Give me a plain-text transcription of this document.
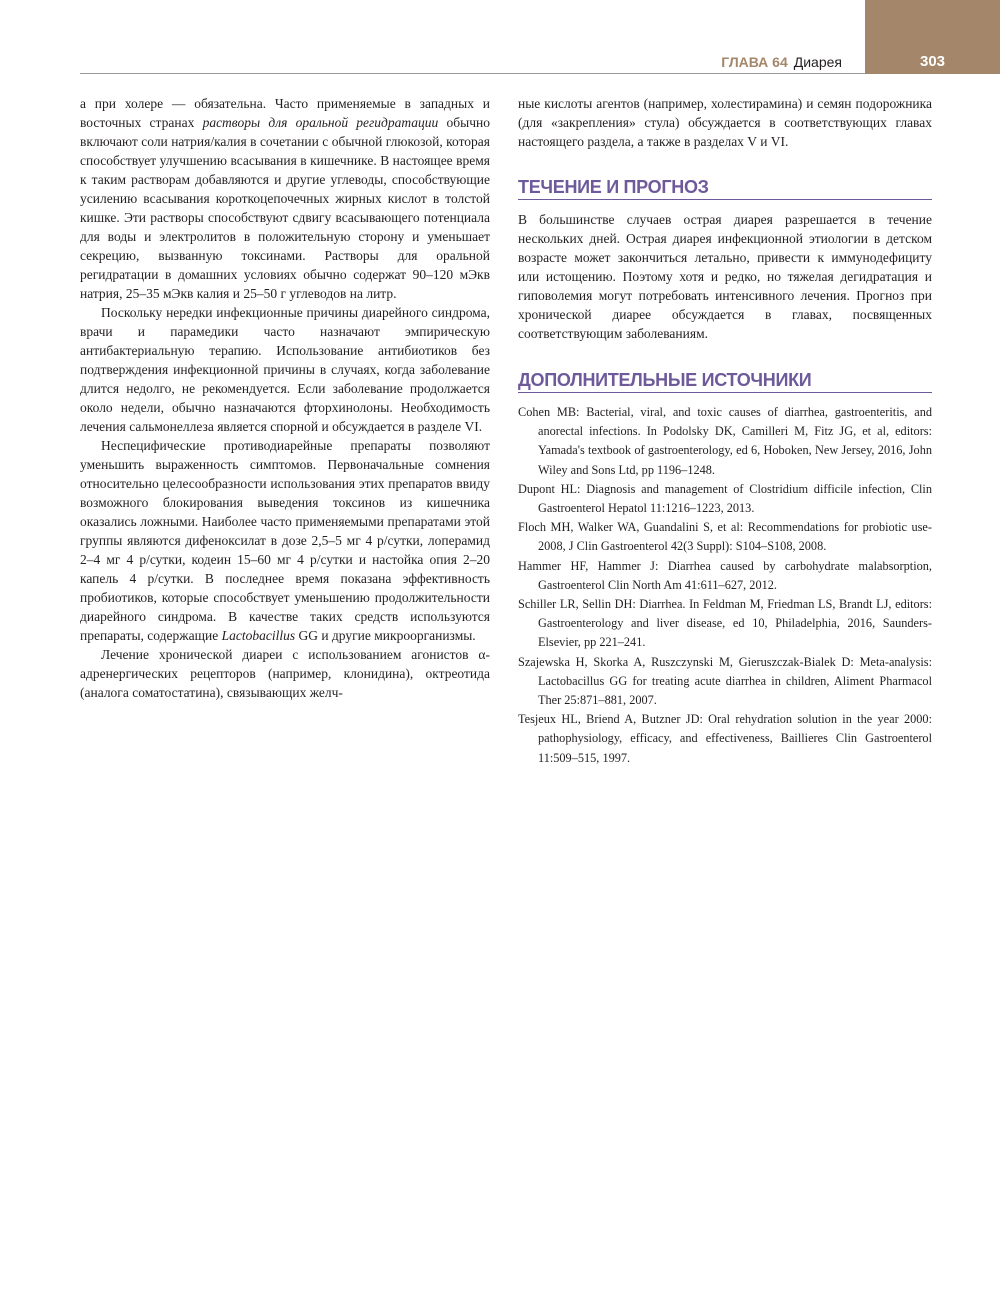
303
ГЛАВА 64 Диарея

а при холере — обязательна. Часто применяемые в западных и восточных странах растворы для оральной регидратации обычно включают соли натрия/калия в сочетании с обычной глюкозой, которая способствует улучшению всасывания в кишечнике. В настоящее время к таким растворам добавляются и другие углеводы, способствующие усилению всасывания короткоцепочечных жирных кислот в толстой кишке. Эти растворы способствуют сдвигу всасывающего потенциала для воды и электролитов в положительную сторону и уменьшает секрецию, вызванную токсинами. Растворы для оральной регидратации в домашних условиях обычно содержат 90–120 мЭкв натрия, 25–35 мЭкв калия и 25–50 г углеводов на литр.

Поскольку нередки инфекционные причины диарейного синдрома, врачи и парамедики часто назначают эмпирическую антибактериальную терапию. Использование антибиотиков без подтверждения инфекционной причины в случаях, когда заболевание длится недолго, не рекомендуется. Если заболевание продолжается около недели, обычно назначаются фторхинолоны. Необходимость лечения сальмонеллеза является спорной и обсуждается в разделе VI.

Неспецифические противодиарейные препараты позволяют уменьшить выраженность симптомов. Первоначальные сомнения относительно целесообразности использования этих препаратов ввиду возможного блокирования выведения токсинов из кишечника оказались ложными. Наиболее часто применяемыми препаратами этой группы являются дифеноксилат в дозе 2,5–5 мг 4 р/сутки, лоперамид 2–4 мг 4 р/сутки, кодеин 15–60 мг 4 р/сутки и настойка опия 2–20 капель 4 р/сутки. В последнее время показана эффективность пробиотиков, которые способствует уменьшению продолжительности диарейного синдрома. В качестве таких средств используются препараты, содержащие Lactobacillus GG и другие микроорганизмы.

Лечение хронической диареи с использованием агонистов α-адренергических рецепторов (например, клонидина), октреотида (аналога соматостатина), связывающих желч-

ные кислоты агентов (например, холестирамина) и семян подорожника (для «закрепления» стула) обсуждается в соответствующих главах настоящего раздела, а также в разделах V и VI.

ТЕЧЕНИЕ И ПРОГНОЗ

В большинстве случаев острая диарея разрешается в течение нескольких дней. Острая диарея инфекционной этиологии в детском возрасте может закончиться летально, привести к иммунодефициту или истощению. Поэтому хотя и редко, но тяжелая дегидратация и гиповолемия могут потребовать интенсивного лечения. Прогноз при хронической диарее обсуждается в главах, посвященных соответствующим заболеваниям.

ДОПОЛНИТЕЛЬНЫЕ ИСТОЧНИКИ
Cohen MB: Bacterial, viral, and toxic causes of diarrhea, gastroenteritis, and anorectal infections. In Podolsky DK, Camilleri M, Fitz JG, et al, editors: Yamada's textbook of gastroenterology, ed 6, Hoboken, New Jersey, 2016, John Wiley and Sons Ltd, pp 1196–1248.
Dupont HL: Diagnosis and management of Clostridium difficile infection, Clin Gastroenterol Hepatol 11:1216–1223, 2013.
Floch MH, Walker WA, Guandalini S, et al: Recommendations for probiotic use-2008, J Clin Gastroenterol 42(3 Suppl): S104–S108, 2008.
Hammer HF, Hammer J: Diarrhea caused by carbohydrate malabsorption, Gastroenterol Clin North Am 41:611–627, 2012.
Schiller LR, Sellin DH: Diarrhea. In Feldman M, Friedman LS, Brandt LJ, editors: Gastroenterology and liver disease, ed 10, Philadelphia, 2016, Saunders-Elsevier, pp 221–241.
Szajewska H, Skorka A, Ruszczynski M, Gieruszczak-Bialek D: Meta-analysis: Lactobacillus GG for treating acute diarrhea in children, Aliment Pharmacol Ther 25:871–881, 2007.
Tesjeux HL, Briend A, Butzner JD: Oral rehydration solution in the year 2000: pathophysiology, efficacy, and effectiveness, Baillieres Clin Gastroenterol 11:509–515, 1997.
